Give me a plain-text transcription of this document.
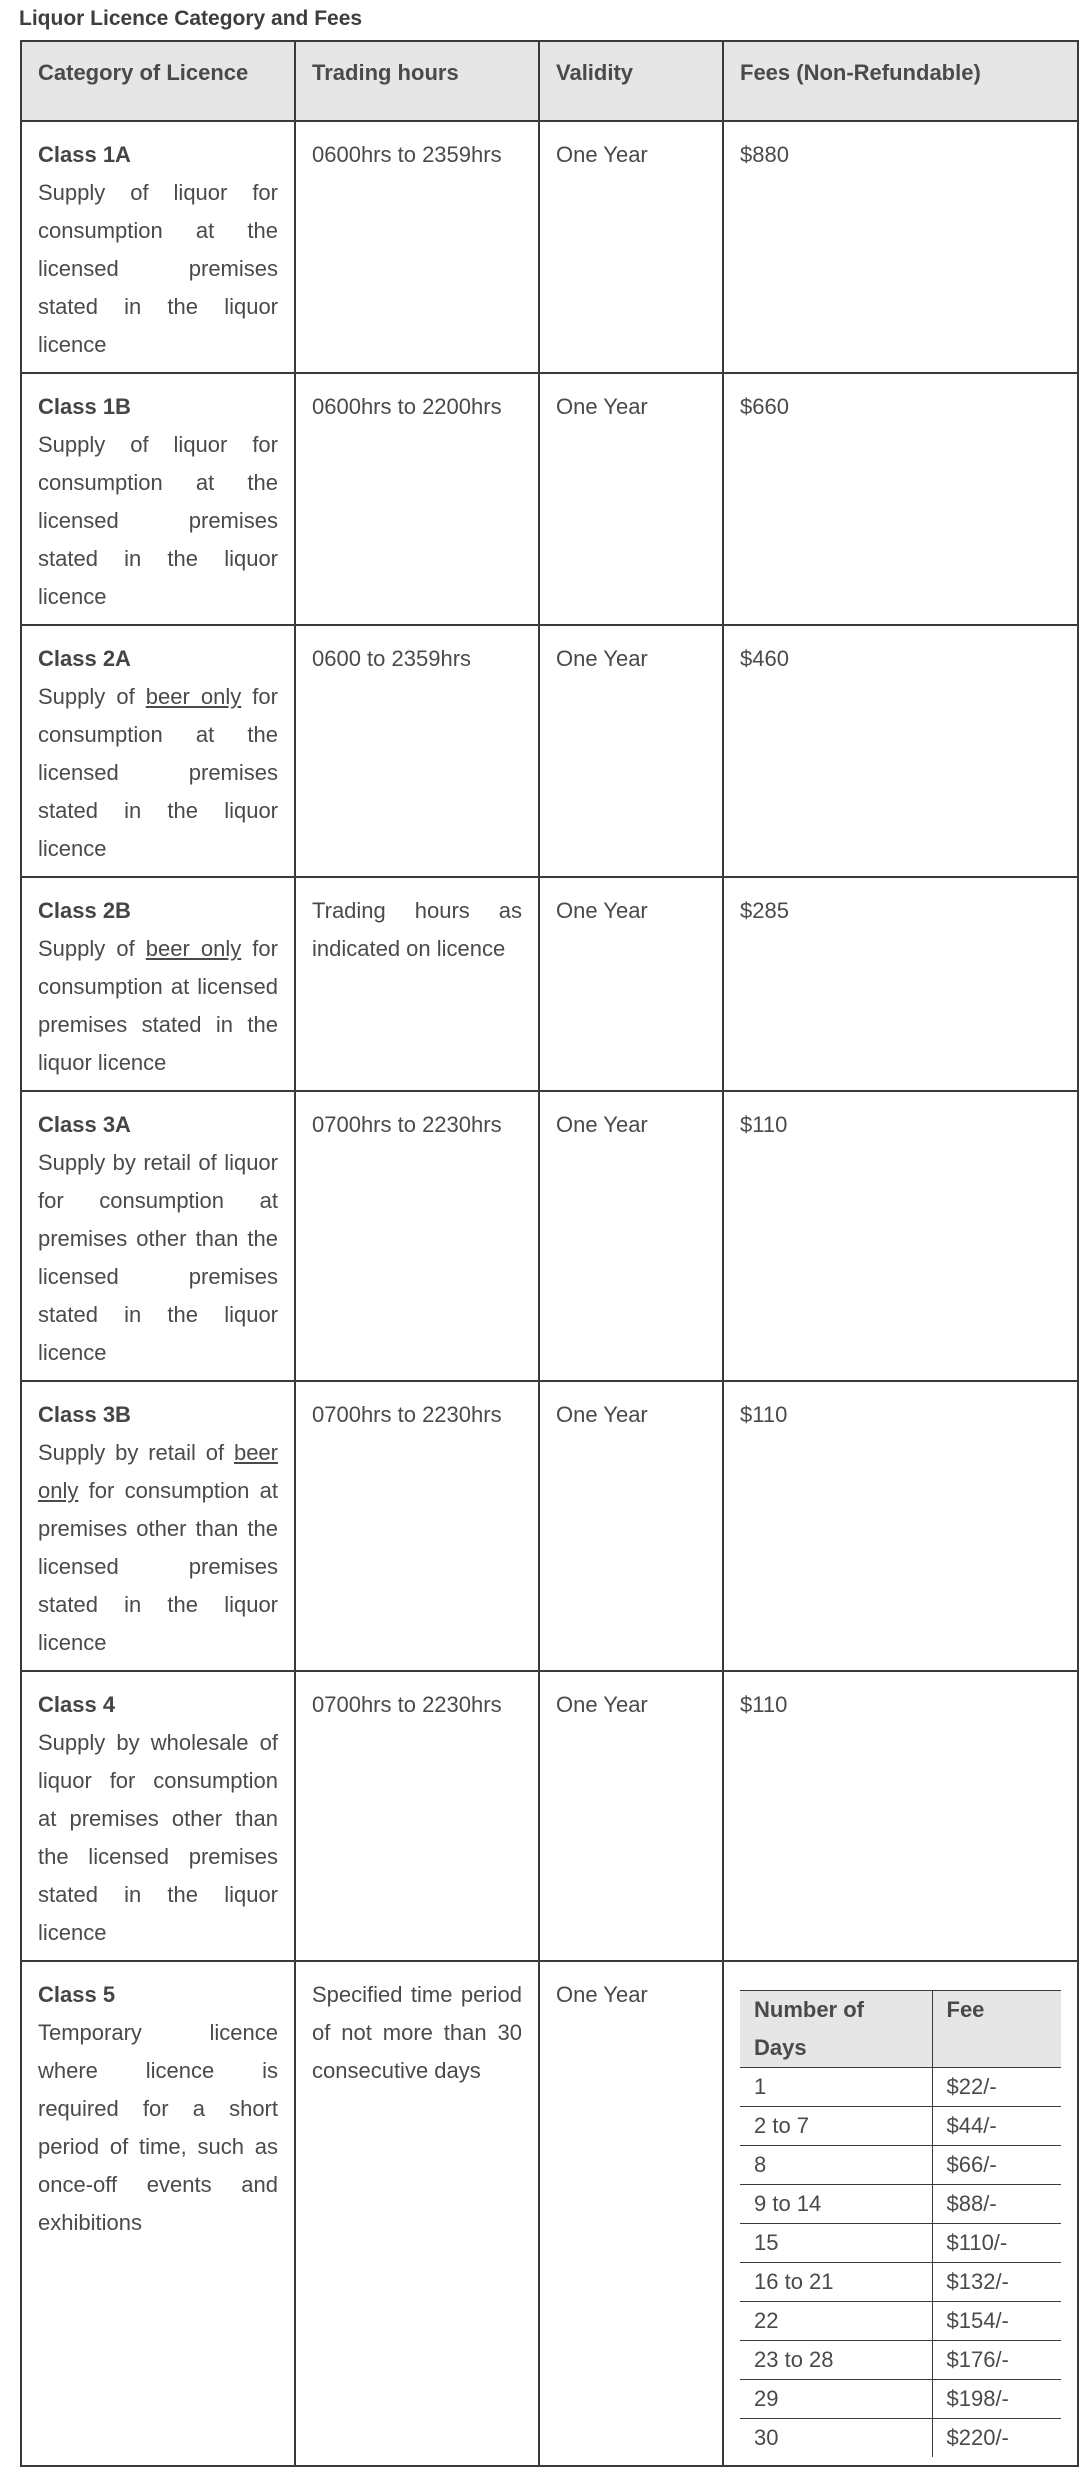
Liquor Licence Category and Fees
Category of Licence	Trading hours	Validity	Fees (Non-Refundable)

Class 1A
Supply of liquor for consumption at the licensed premises stated in the liquor licence
	0600hrs to 2359hrs	One Year	$880

Class 1B
Supply of liquor for consumption at the licensed premises stated in the liquor licence
	0600hrs to 2200hrs	One Year	$660

Class 2A
Supply of beer only for consumption at the licensed premises stated in the liquor licence
	0600 to 2359hrs	One Year	$460

Class 2B
Supply of beer only for consumption at licensed premises stated in the liquor licence
	Trading hours as indicated on licence	One Year	$285

Class 3A
Supply by retail of liquor for consumption at premises other than the licensed premises stated in the liquor licence
	0700hrs to 2230hrs	One Year	$110

Class 3B
Supply by retail of beer only for consumption at premises other than the licensed premises stated in the liquor licence
	0700hrs to 2230hrs	One Year	$110

Class 4
Supply by wholesale of liquor for consumption at premises other than the licensed premises stated in the liquor licence
	0700hrs to 2230hrs	One Year	$110

Class 5
Temporary licence where licence is required for a short period of time, such as once-off events and exhibitions
	Specified time period of not more than 30 consecutive days	One Year	
Number of Days	Fee
1	$22/-
2 to 7	$44/-
8	$66/-
9 to 14	$88/-
15	$110/-
16 to 21	$132/-
22	$154/-
23 to 28	$176/-
29	$198/-
30	$220/-
